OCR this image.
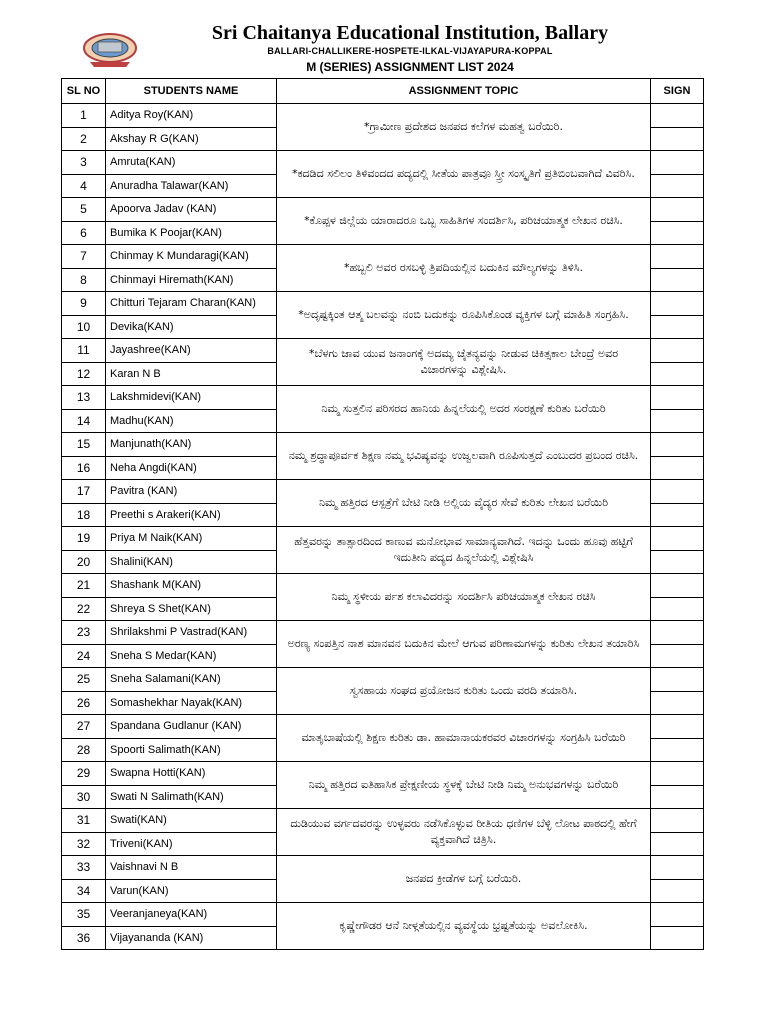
Sri Chaitanya Educational Institution, Ballary
BALLARI-CHALLIKERE-HOSPETE-ILKAL-VIJAYAPURA-KOPPAL
M (SERIES) ASSIGNMENT LIST 2024
SL NO	STUDENTS NAME	ASSIGNMENT TOPIC	SIGN
1	Aditya Roy(KAN)	*ಗ್ರಾಮೀಣ ಪ್ರದೇಶದ ಜನಪದ ಕಲೆಗಳ ಮಹತ್ವ ಬರೆಯಿರಿ.	
2	Akshay R G(KAN)		
3	Amruta(KAN)	*ಕದಡಿದ ಸಲಿಲಂ ತಿಳಿವಂದದ ಪದ್ಯದಲ್ಲಿ ಸೀತೆಯ ಪಾತ್ರವೂ ಸ್ತ್ರೀ ಸಂಸ್ಕೃತಿಗೆ ಪ್ರತಿಬಿಂಬವಾಗಿದೆ ವಿವರಿಸಿ.	
4	Anuradha Talawar(KAN)		
5	Apoorva Jadav (KAN)	*ಕೊಪ್ಪಳ ಜಿಲ್ಲೆಯ ಯಾರಾದರೂ ಒಬ್ಬ ಸಾಹಿತಿಗಳ ಸಂದರ್ಶಿಸಿ, ಪರಿಚಯಾತ್ಮಕ ಲೇಖನ ರಚಿಸಿ.	
6	Bumika K Poojar(KAN)		
7	Chinmay K Mundaragi(KAN)	*ಹಬ್ಬಲಿ ಅವರ ರಸಬಳ್ಳಿ ತ್ರಿಪದಿಯಲ್ಲಿನ ಬದುಕಿನ ಮೌಲ್ಯಗಳನ್ನು ತಿಳಿಸಿ.	
8	Chinmayi Hiremath(KAN)		
9	Chitturi Tejaram Charan(KAN)	*ಅದೃಷ್ಟಕ್ಕಿಂತ ಆತ್ಮ ಬಲವನ್ನು ನಂಬಿ ಬದುಕನ್ನು ರೂಪಿಸಿಕೊಂಡ ವ್ಯಕ್ತಿಗಳ ಬಗ್ಗೆ ಮಾಹಿತಿ ಸಂಗ್ರಹಿಸಿ.	
10	Devika(KAN)		
11	Jayashree(KAN)	*ಬೆಳಗು ಜಾವ ಯುವ ಜನಾಂಗಕ್ಕೆ ಅದಮ್ಯ ಚೈತನ್ಯವನ್ನು ನೀಡುವ ಚಿಕಿತ್ಸಕಾಲ ಬೇಂದ್ರೆ ಅವರ ವಿಚಾರಗಳನ್ನು ವಿಶ್ಲೇಷಿಸಿ.	
12	Karan N B		
13	Lakshmidevi(KAN)	ನಿಮ್ಮ ಸುತ್ತಲಿನ ಪರಿಸರದ ಹಾನಿಯ ಹಿನ್ನಲೆಯಲ್ಲಿ ಅದರ ಸಂರಕ್ಷಣೆ ಕುರಿತು ಬರೆಯಿರಿ	
14	Madhu(KAN)		
15	Manjunath(KAN)	ನಮ್ಮ ಶ್ರದ್ಧಾಪೂರ್ವಕ ಶಿಕ್ಷಣ ನಮ್ಮ ಭವಿಷ್ಯವನ್ನು ಉಜ್ವಲವಾಗಿ ರೂಪಿಸುತ್ತದೆ ಎಂಬುದರ ಪ್ರಬಂದ ರಚಿಸಿ.	
16	Neha Angdi(KAN)		
17	Pavitra (KAN)	ನಿಮ್ಮ ಹತ್ತಿರದ ಆಸ್ಪತ್ರೆಗೆ ಬೇಟಿ ನೀಡಿ ಅಲ್ಲಿಯ ವೈದ್ಯರ ಸೇವೆ ಕುರಿತು ಲೇಖನ ಬರೆಯಿರಿ	
18	Preethi s Arakeri(KAN)		
19	Priya M Naik(KAN)	ಹೆತ್ತವರನ್ನು ತಾತ್ಸಾರದಿಂದ ಕಾಣುವ ಮನೋಭಾವ ಸಾಮಾನ್ಯವಾಗಿದೆ. ಇದನ್ನು ಒಂದು ಹೂವು ಹಟ್ಟಿಗೆ ಇದುತೀನಿ ಪದ್ಯದ ಹಿನ್ನಲೆಯಲ್ಲಿ ವಿಶ್ಲೇಷಿಸಿ	
20	Shalini(KAN)		
21	Shashank M(KAN)	ನಿಮ್ಮ ಸ್ಥಳೀಯ ರ್ಪಶ ಕಲಾವಿದರನ್ನು ಸಂದರ್ಶಿಸಿ ಪರಿಚಯಾತ್ಮಕ ಲೇಖನ ರಚಿಸಿ	
22	Shreya S Shet(KAN)		
23	Shrilakshmi P Vastrad(KAN)	ಅರಣ್ಯ ಸಂಪತ್ತಿನ ನಾಶ ಮಾನವನ ಬದುಕಿನ ಮೇಲೆ ಆಗುವ ಪರಿಣಾಮಗಳನ್ನು ಕುರಿತು ಲೇಖನ ತಯಾರಿಸಿ	
24	Sneha S Medar(KAN)		
25	Sneha Salamani(KAN)	ಸ್ವಸಹಾಯ ಸಂಘದ ಪ್ರಯೋಜನ ಕುರಿತು ಒಂದು ವರದಿ ತಯಾರಿಸಿ.	
26	Somashekhar Nayak(KAN)		
27	Spandana Gudlanur (KAN)	ಮಾತೃಬಾಷೆಯಲ್ಲಿ ಶಿಕ್ಷಣ ಕುರಿತು ಡಾ. ಹಾಮಾನಾಯಕರವರ ವಿಚಾರಗಳನ್ನು ಸಂಗ್ರಹಿಸಿ ಬರೆಯಿರಿ	
28	Spoorti Salimath(KAN)		
29	Swapna Hotti(KAN)	ನಿಮ್ಮ ಹತ್ತಿರದ ಐತಿಹಾಸಿಕ ಪ್ರೇಕ್ಷಣೀಯ ಸ್ಥಳಕ್ಕೆ ಬೇಟಿ ನೀಡಿ ನಿಮ್ಮ ಅನುಭವಗಳನ್ನು ಬರೆಯಿರಿ	
30	Swati N Salimath(KAN)		
31	Swati(KAN)	ದುಡಿಯುವ ವರ್ಗದವರನ್ನು ಉಳ್ಳವರು ನಡೆಸಿಕೊಳ್ಳುವ ರೀತಿಯ ಧಣಿಗಳ ಬೆಳ್ಳಿ ಲೋಟ ಪಾಠದಲ್ಲಿ ಹೇಗೆ ವ್ಯಕ್ತವಾಗಿದೆ ಚಿತ್ರಿಸಿ.	
32	Triveni(KAN)		
33	Vaishnavi N B	ಜನಪದ ಕ್ರೀಡೆಗಳ ಬಗ್ಗೆ ಬರೆಯಿರಿ.	
34	Varun(KAN)		
35	Veeranjaneya(KAN)	ಕೃಷ್ಣೇಗೌಡರ ಆನೆ ನೀಳ್ಗತೆಯಲ್ಲಿನ ವ್ಯವಸ್ಥೆಯ ಭ್ರಷ್ಟತೆಯನ್ನು ಅವಲೋಕಿಸಿ.	
36	Vijayananda (KAN)		
